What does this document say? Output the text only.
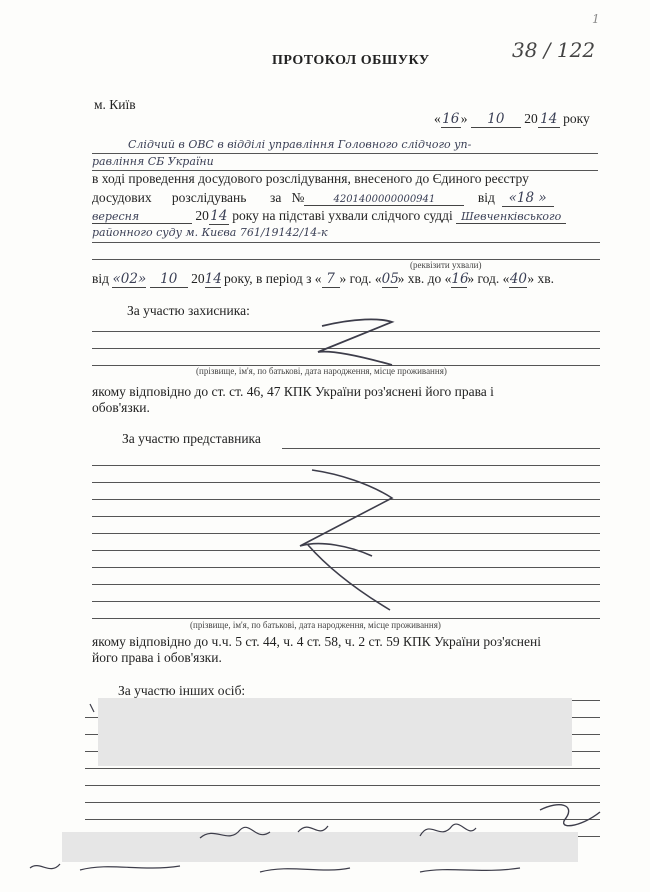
1
38 / 122
ПРОТОКОЛ ОБШУКУ
м. Київ
«16» 10 20 14 року
Слідчий в ОВС в відділі управління Головного слідчого уп-
равління СБ України
в ході проведення досудового розслідування, внесеного до Єдиного реєстру
досудових розслідувань за №	4201400000000941	від «18 »
вересня	2014 року на підставі ухвали слідчого судді Шевченківського
районного суду м. Києва 761/19142/14-к
(реквізити ухвали)
від «02» 10 2014 року, в період з « 7 » год. «05» хв. до «16» год. «40» хв.
За участю захисника:
(прізвище, ім'я, по батькові, дата народження, місце проживання)
якому відповідно до ст. ст. 46, 47 КПК України роз'яснені його права і
обов'язки.
За участю представника
(прізвище, ім'я, по батькові, дата народження, місце проживання)
якому відповідно до ч.ч. 5 ст. 44, ч. 4 ст. 58, ч. 2 ст. 59 КПК України роз'яснені
його права і обов'язки.
За участю інших осіб:
